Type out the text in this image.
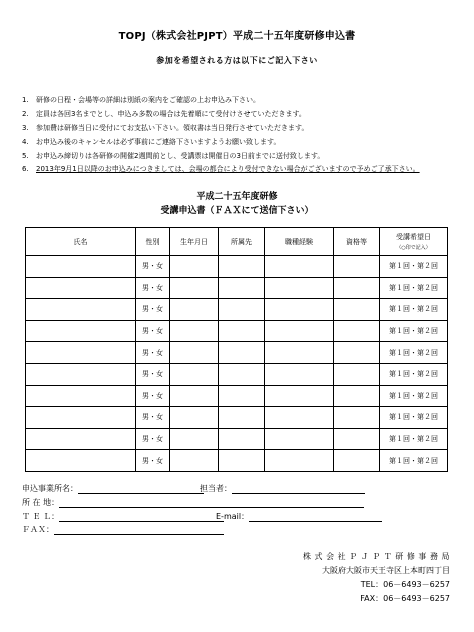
TOPJ（株式会社PJPT）平成二十五年度研修申込書
参加を希望される方は以下にご記入下さい
1. 研修の日程・会場等の詳細は別紙の案内をご確認の上お申込み下さい。
2. 定員は各回3名までとし、申込み多数の場合は先着順にて受付けさせていただきます。
3. 参加費は研修当日に受付にてお支払い下さい。領収書は当日発行させていただきます。
4. お申込み後のキャンセルは必ず事前にご連絡下さいますようお願い致します。
5. お申込み締切りは各研修の開催2週間前とし、受講票は開催日の3日前までに送付致します。
6. 2013年9月1日以降のお申込みにつきましては、会場の都合により受付できない場合がございますので予めご了承下さい。
平成二十五年度研修
受講申込書（ＦＡＸにて送信下さい）
氏名	性別	生年月日	所属先	職種経験	資格等	受講希望日
（○印で記入）

	男・女					第１回・第２回
	男・女					第１回・第２回
	男・女					第１回・第２回
	男・女					第１回・第２回
	男・女					第１回・第２回
	男・女					第１回・第２回
	男・女					第１回・第２回
	男・女					第１回・第２回
	男・女					第１回・第２回
	男・女					第１回・第２回
申込事業所名：	担当者：
所 在 地：
Ｔ Ｅ Ｌ：	E-mail：
ＦＡＸ：
株 式 会 社 Ｐ Ｊ Ｐ Ｔ 研 修 事 務 局
大阪府大阪市天王寺区上本町四丁目
TEL：06－6493－6257
FAX：06－6493－6257
